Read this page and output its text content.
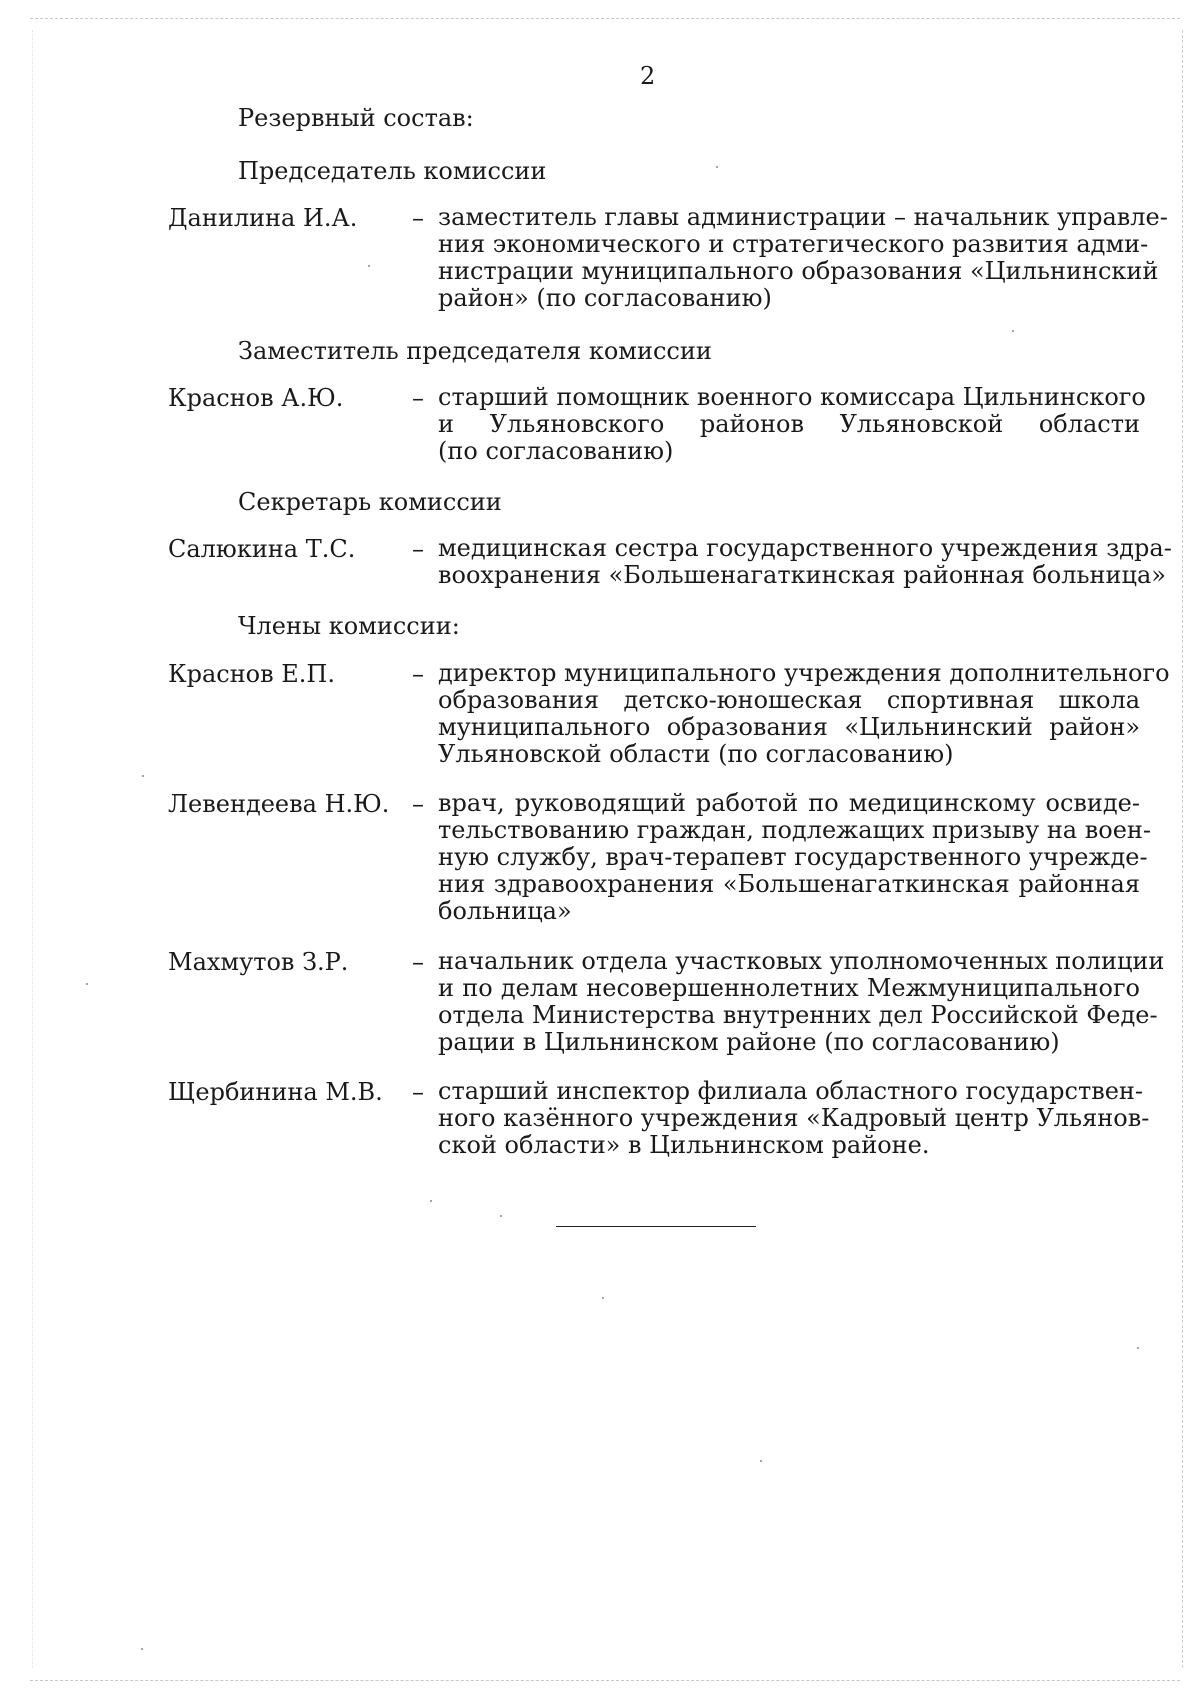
2
Резервный состав:
Председатель комиссии
Данилина И.А. – заместитель главы администрации – начальник управле-
ния экономического и стратегического развития адми-
нистрации муниципального образования «Цильнинский
район» (по согласованию)
Заместитель председателя комиссии
Краснов А.Ю.	– старший помощник военного комиссара Цильнинского
и Ульяновского районов Ульяновской области
(по согласованию)
Секретарь комиссии
Салюкина Т.С. – медицинская сестра государственного учреждения здра-
воохранения «Большенагаткинская районная больница»
Члены комиссии:
Краснов Е.П.	– директор муниципального учреждения дополнительного
образования детско-юношеская спортивная школа
муниципального образования «Цильнинский район»
Ульяновской области (по согласованию)
Левендеева Н.Ю. – врач, руководящий работой по медицинскому освиде-
тельствованию граждан, подлежащих призыву на воен-
ную службу, врач-терапевт государственного учрежде-
ния здравоохранения «Большенагаткинская районная
больница»
Махмутов З.Р.	– начальник отдела участковых уполномоченных полиции
и по делам несовершеннолетних Межмуниципального
отдела Министерства внутренних дел Российской Феде-
рации в Цильнинском районе (по согласованию)
Щербинина М.В. – старший инспектор филиала областного государствен-
ного казённого учреждения «Кадровый центр Ульянов-
ской области» в Цильнинском районе.
